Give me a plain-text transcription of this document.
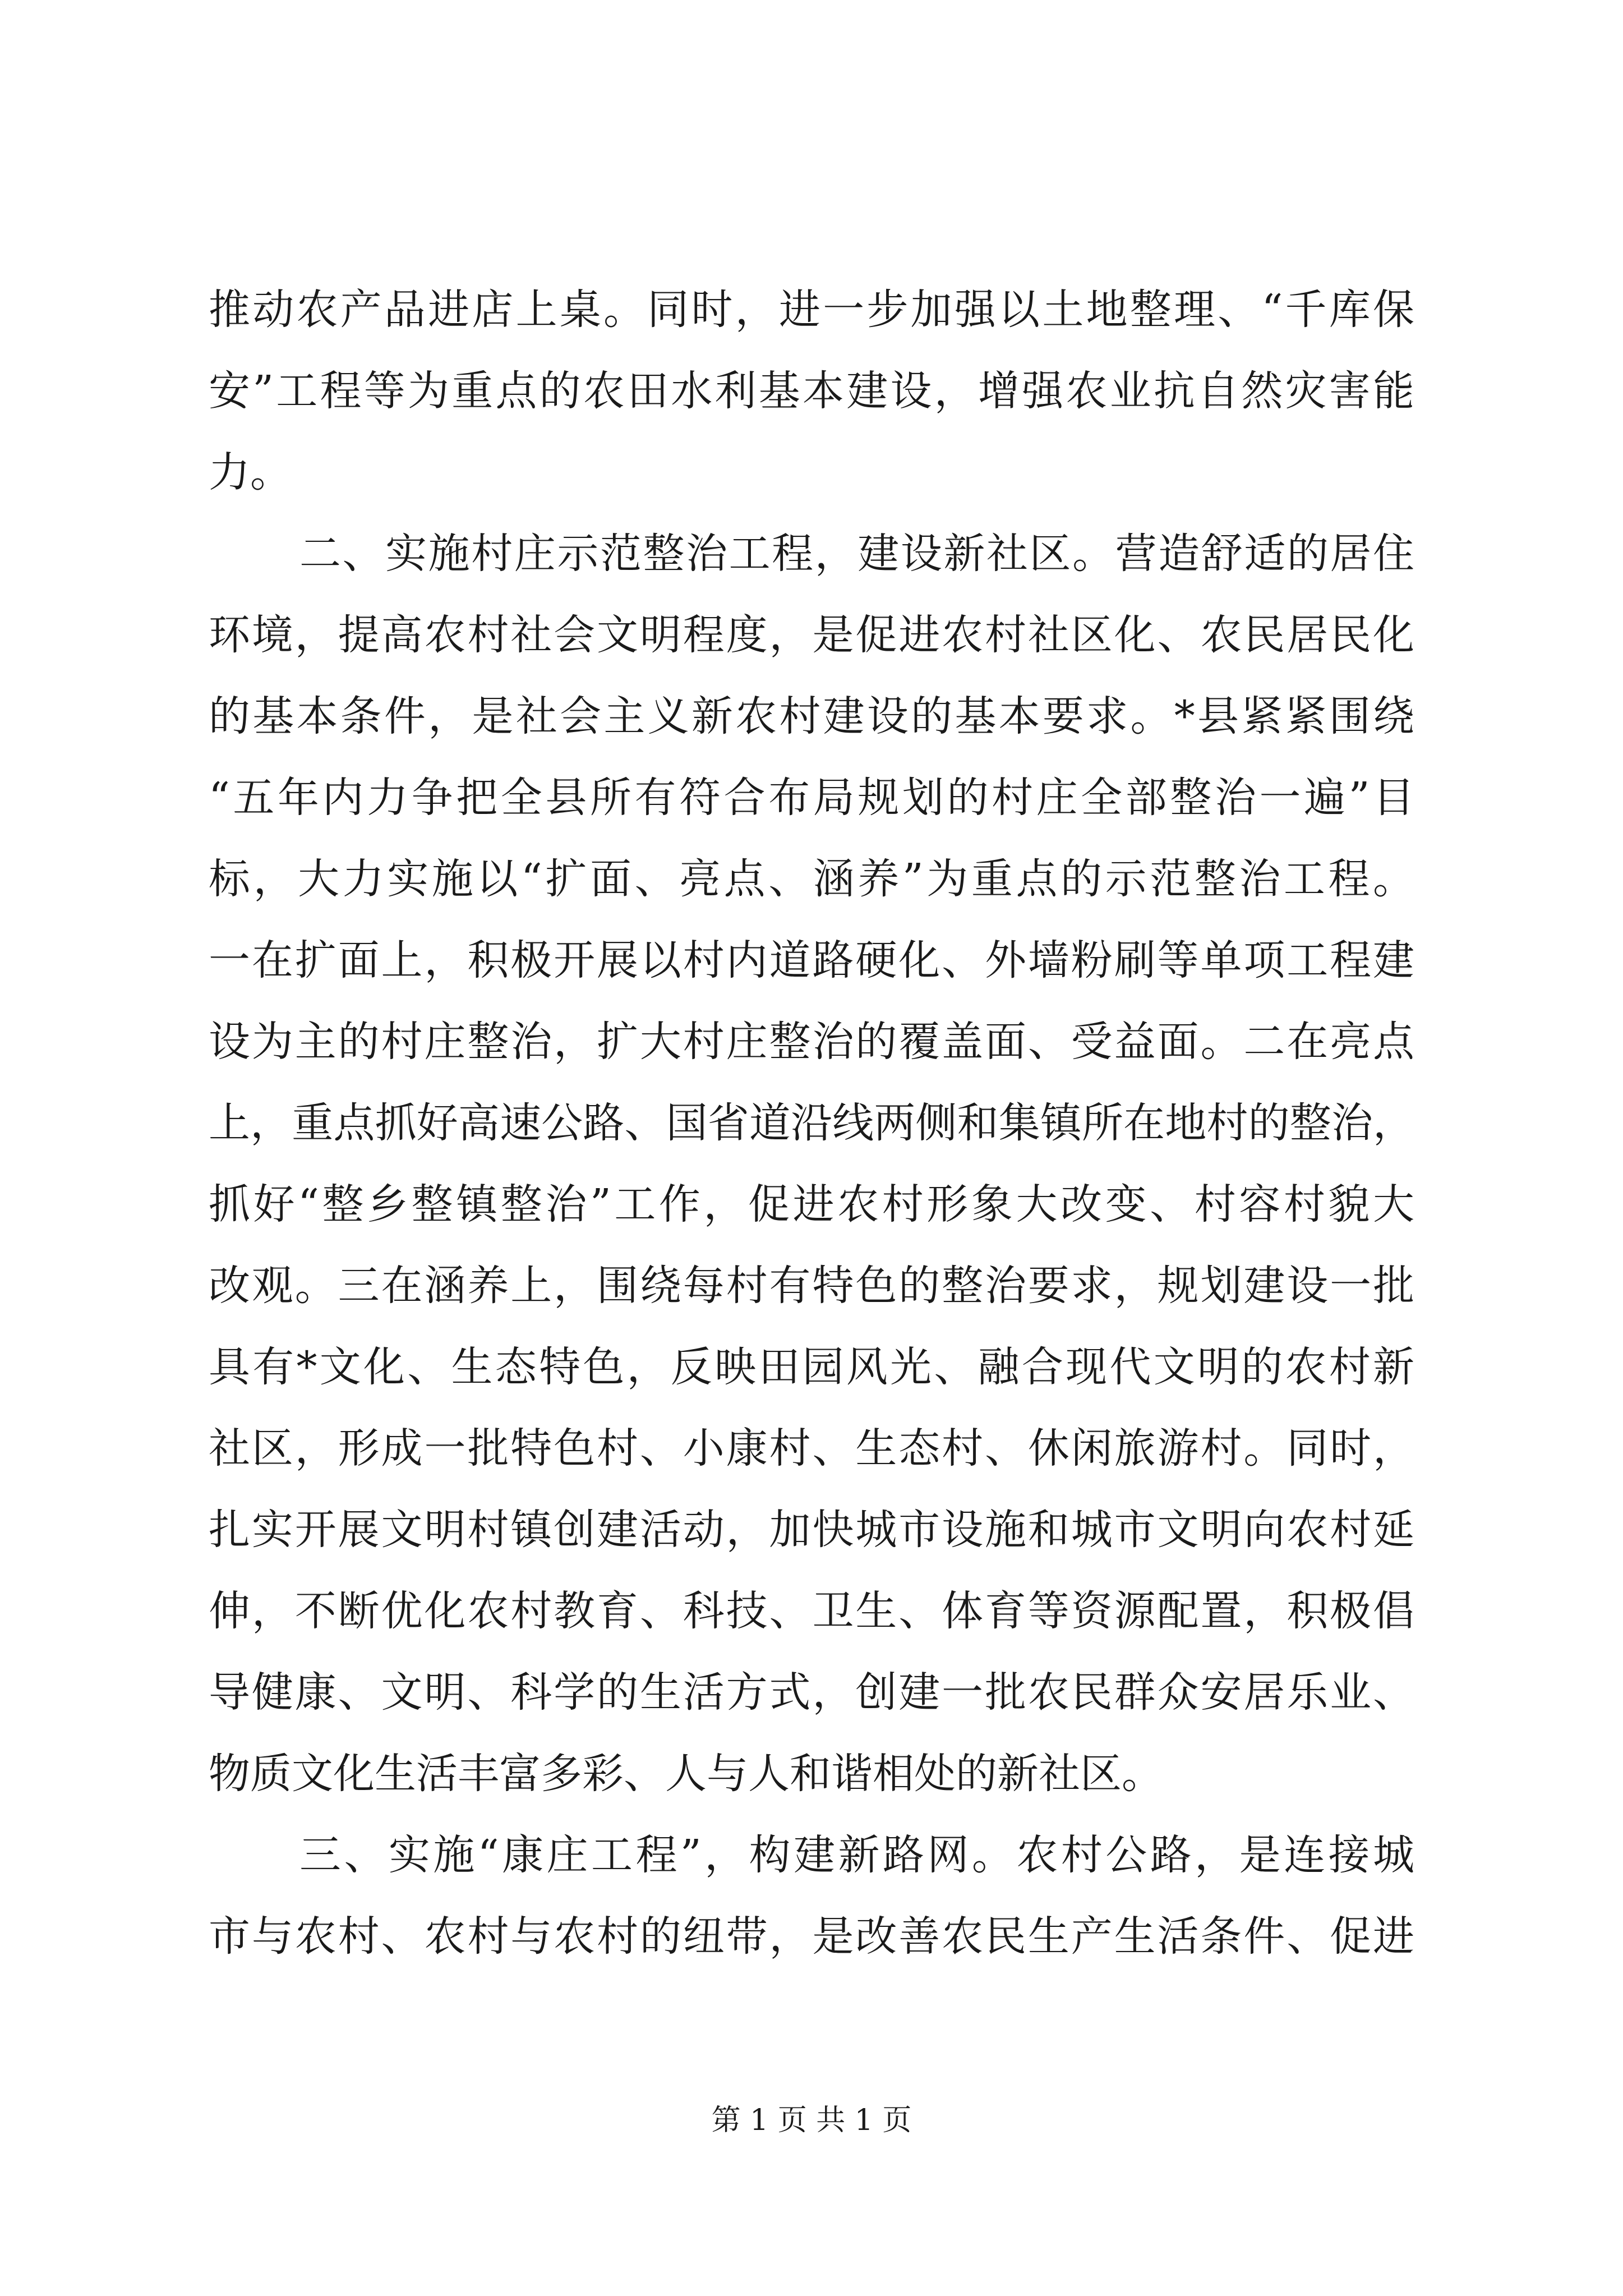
推动农产品进店上桌。同时，进一步加强以土地整理、“千库保
安”工程等为重点的农田水利基本建设，增强农业抗自然灾害能
力。
二、实施村庄示范整治工程，建设新社区。营造舒适的居住
环境，提高农村社会文明程度，是促进农村社区化、农民居民化
的基本条件，是社会主义新农村建设的基本要求。*县紧紧围绕
“五年内力争把全县所有符合布局规划的村庄全部整治一遍”目
标，大力实施以“扩面、亮点、涵养”为重点的示范整治工程。
一在扩面上，积极开展以村内道路硬化、外墙粉刷等单项工程建
设为主的村庄整治，扩大村庄整治的覆盖面、受益面。二在亮点
上，重点抓好高速公路、国省道沿线两侧和集镇所在地村的整治，
抓好“整乡整镇整治”工作，促进农村形象大改变、村容村貌大
改观。三在涵养上，围绕每村有特色的整治要求，规划建设一批
具有*文化、生态特色，反映田园风光、融合现代文明的农村新
社区，形成一批特色村、小康村、生态村、休闲旅游村。同时，
扎实开展文明村镇创建活动，加快城市设施和城市文明向农村延
伸，不断优化农村教育、科技、卫生、体育等资源配置，积极倡
导健康、文明、科学的生活方式，创建一批农民群众安居乐业、
物质文化生活丰富多彩、人与人和谐相处的新社区。
三、实施“康庄工程”，构建新路网。农村公路，是连接城
市与农村、农村与农村的纽带，是改善农民生产生活条件、促进
第 1 页 共 1 页
